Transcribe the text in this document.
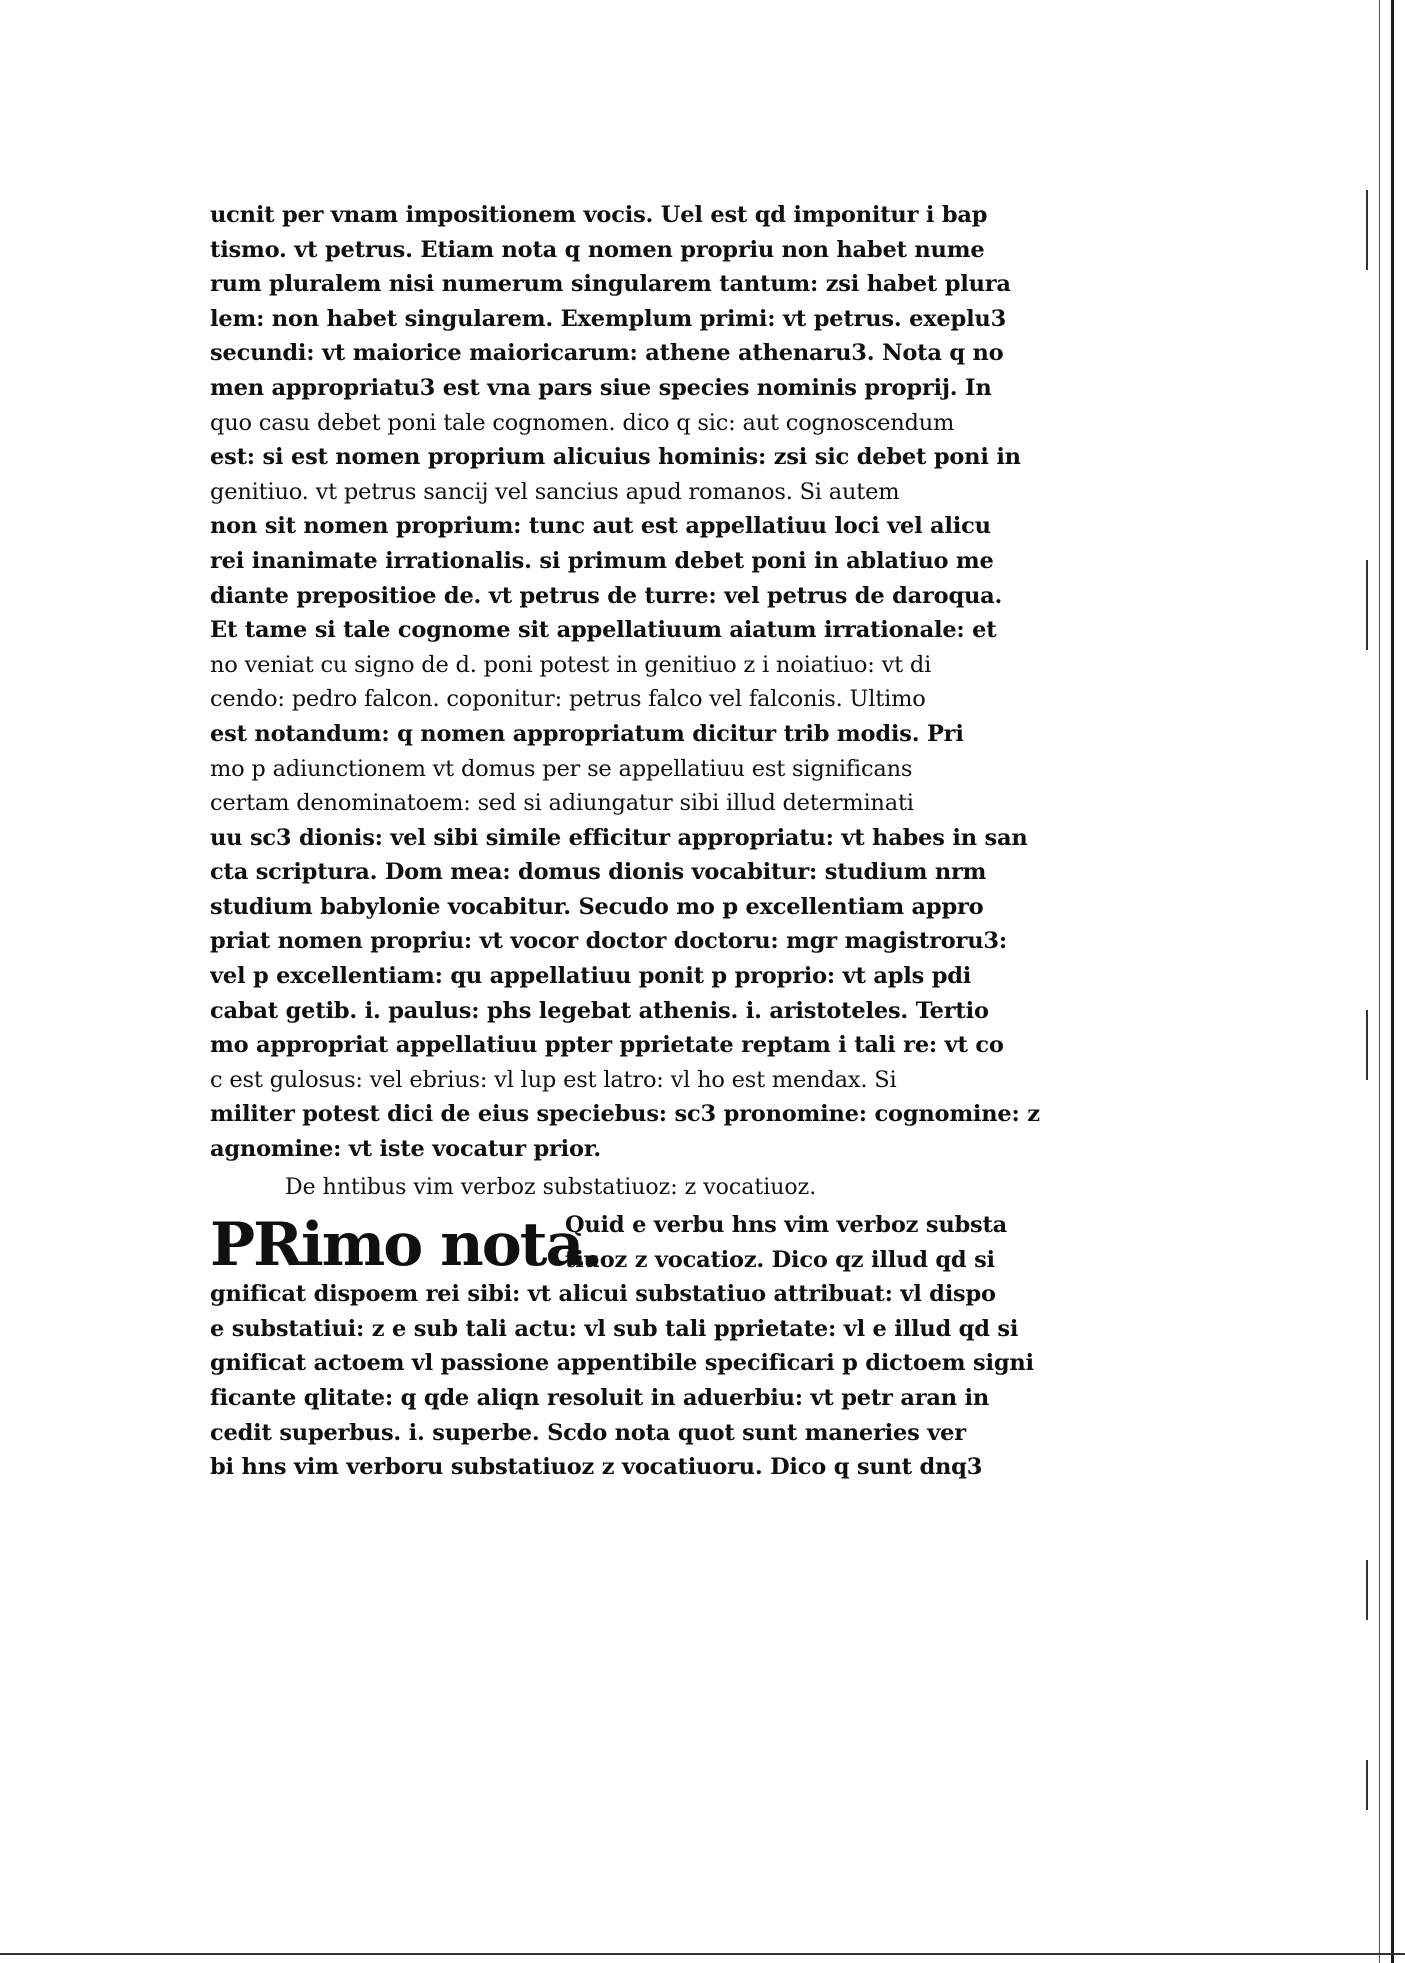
ucnit per vnam impositionem vocis. Uel est qd imponitur i bap
tismo. vt petrus. Etiam nota q nomen propriu non habet nume
rum pluralem nisi numerum singularem tantum: zsi habet plura
lem: non habet singularem. Exemplum primi: vt petrus. exeplu3
secundi: vt maiorice maioricarum: athene athenaru3. Nota q no
men appropriatu3 est vna pars siue species nominis proprij. In
quo casu debet poni tale cognomen. dico q sic: aut cognoscendum
est: si est nomen proprium alicuius hominis: zsi sic debet poni in
genitiuo. vt petrus sancij vel sancius apud romanos. Si autem
non sit nomen proprium: tunc aut est appellatiuu loci vel alicu
rei inanimate irrationalis. si primum debet poni in ablatiuo me
diante prepositioe de. vt petrus de turre: vel petrus de daroqua.
Et tame si tale cognome sit appellatiuum aiatum irrationale: et
no veniat cu signo de d. poni potest in genitiuo z i noiatiuo: vt di
cendo: pedro falcon. coponitur: petrus falco vel falconis. Ultimo
est notandum: q nomen appropriatum dicitur trib modis. Pri
mo p adiunctionem vt domus per se appellatiuu est significans
certam denominatoem: sed si adiungatur sibi illud determinati
uu sc3 dionis: vel sibi simile efficitur appropriatu: vt habes in san
cta scriptura. Dom mea: domus dionis vocabitur: studium nrm
studium babylonie vocabitur. Secudo mo p excellentiam appro
priat nomen propriu: vt vocor doctor doctoru: mgr magistroru3:
vel p excellentiam: qu appellatiuu ponit p proprio: vt apls pdi
cabat getib. i. paulus: phs legebat athenis. i. aristoteles. Tertio
mo appropriat appellatiuu ppter pprietate reptam i tali re: vt co
c est gulosus: vel ebrius: vl lup est latro: vl ho est mendax. Si
militer potest dici de eius speciebus: sc3 pronomine: cognomine: z
agnomine: vt iste vocatur prior.
De hntibus vim verboz substatiuoz: z vocatiuoz.
PRimo nota.
Quid e verbu hns vim verboz substa
tiuoz z vocatioz. Dico qz illud qd si
gnificat dispoem rei sibi: vt alicui substatiuo attribuat: vl dispo
e substatiui: z e sub tali actu: vl sub tali pprietate: vl e illud qd si
gnificat actoem vl passione appentibile specificari p dictoem signi
ficante qlitate: q qde aliqn resoluit in aduerbiu: vt petr aran in
cedit superbus. i. superbe. Scdo nota quot sunt maneries ver
bi hns vim verboru substatiuoz z vocatiuoru. Dico q sunt dnq3
